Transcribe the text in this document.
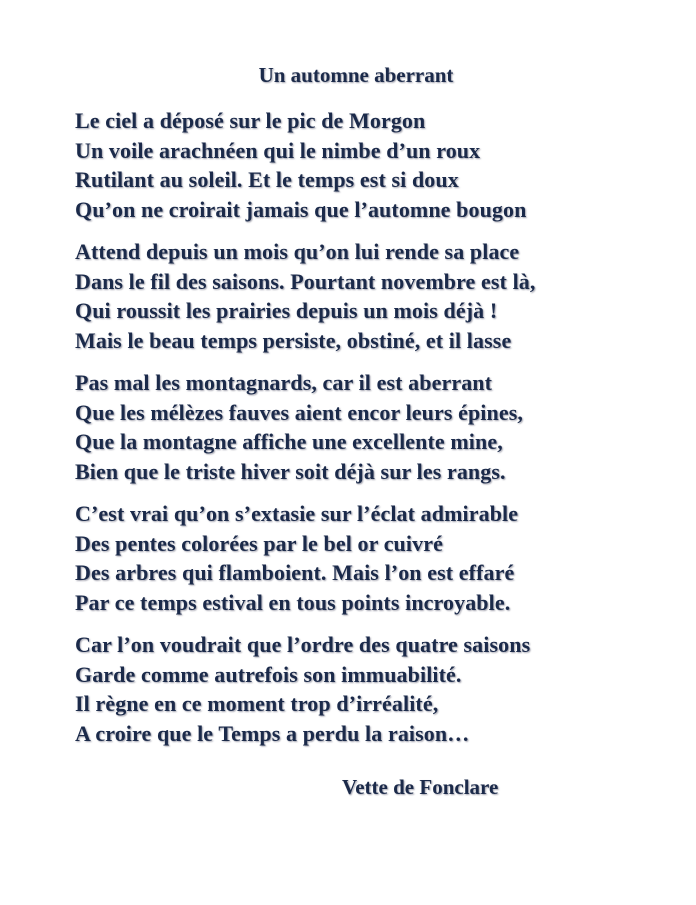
Un automne aberrant
Le ciel a déposé sur le pic de Morgon
Un voile arachnéen qui le nimbe d’un roux
Rutilant au soleil. Et le temps est si doux
Qu’on ne croirait jamais que l’automne bougon
Attend depuis un mois qu’on lui rende sa place
Dans le fil des saisons. Pourtant novembre est là,
Qui roussit les prairies depuis un mois déjà !
Mais le beau temps persiste, obstiné, et il lasse
Pas mal les montagnards, car il est aberrant
Que les mélèzes fauves aient encor leurs épines,
Que la montagne affiche une excellente mine,
Bien que le triste hiver soit déjà sur les rangs.
C’est vrai qu’on s’extasie sur l’éclat admirable
Des pentes colorées par le bel or cuivré
Des arbres qui flamboient. Mais l’on est effaré
Par ce temps estival en tous points incroyable.
Car l’on voudrait que l’ordre des quatre saisons
Garde comme autrefois son immuabilité.
Il règne en ce moment trop d’irréalité,
A croire que le Temps a perdu la raison…
Vette de Fonclare
